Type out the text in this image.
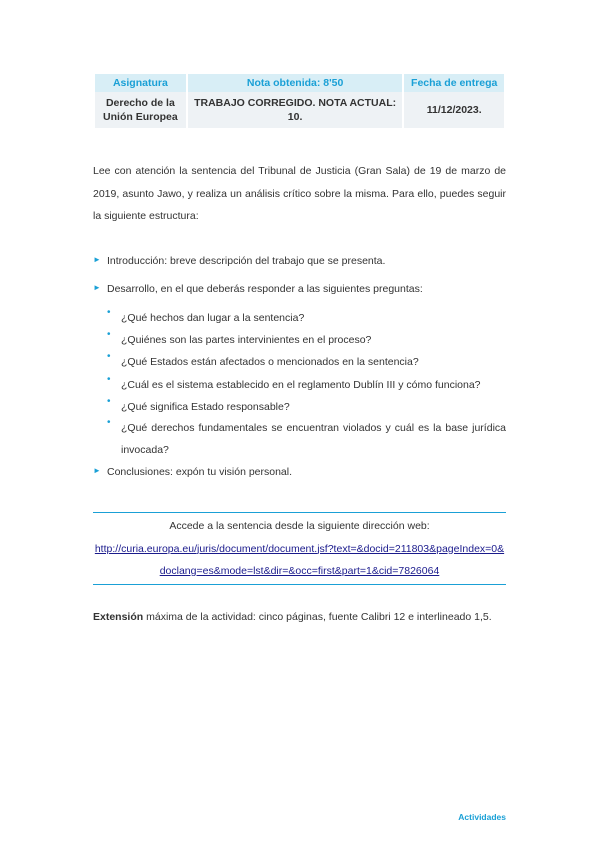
Asignatura	Nota obtenida: 8'50	Fecha de entrega
Derecho de la Unión Europea	TRABAJO CORREGIDO. NOTA ACTUAL: 10.	11/12/2023.
Lee con atención la sentencia del Tribunal de Justicia (Gran Sala) de 19 de marzo de 2019, asunto Jawo, y realiza un análisis crítico sobre la misma. Para ello, puedes seguir la siguiente estructura:
► Introducción: breve descripción del trabajo que se presenta.
► Desarrollo, en el que deberás responder a las siguientes preguntas:
• ¿Qué hechos dan lugar a la sentencia?
• ¿Quiénes son las partes intervinientes en el proceso?
• ¿Qué Estados están afectados o mencionados en la sentencia?
• ¿Cuál es el sistema establecido en el reglamento Dublín III y cómo funciona?
• ¿Qué significa Estado responsable?
• ¿Qué derechos fundamentales se encuentran violados y cuál es la base jurídica invocada?
► Conclusiones: expón tu visión personal.
Accede a la sentencia desde la siguiente dirección web:
http://curia.europa.eu/juris/document/document.jsf?text=&docid=211803&pageIndex=0&doclang=es&mode=lst&dir=&occ=first&part=1&cid=7826064
Extensión máxima de la actividad: cinco páginas, fuente Calibri 12 e interlineado 1,5.
Actividades
